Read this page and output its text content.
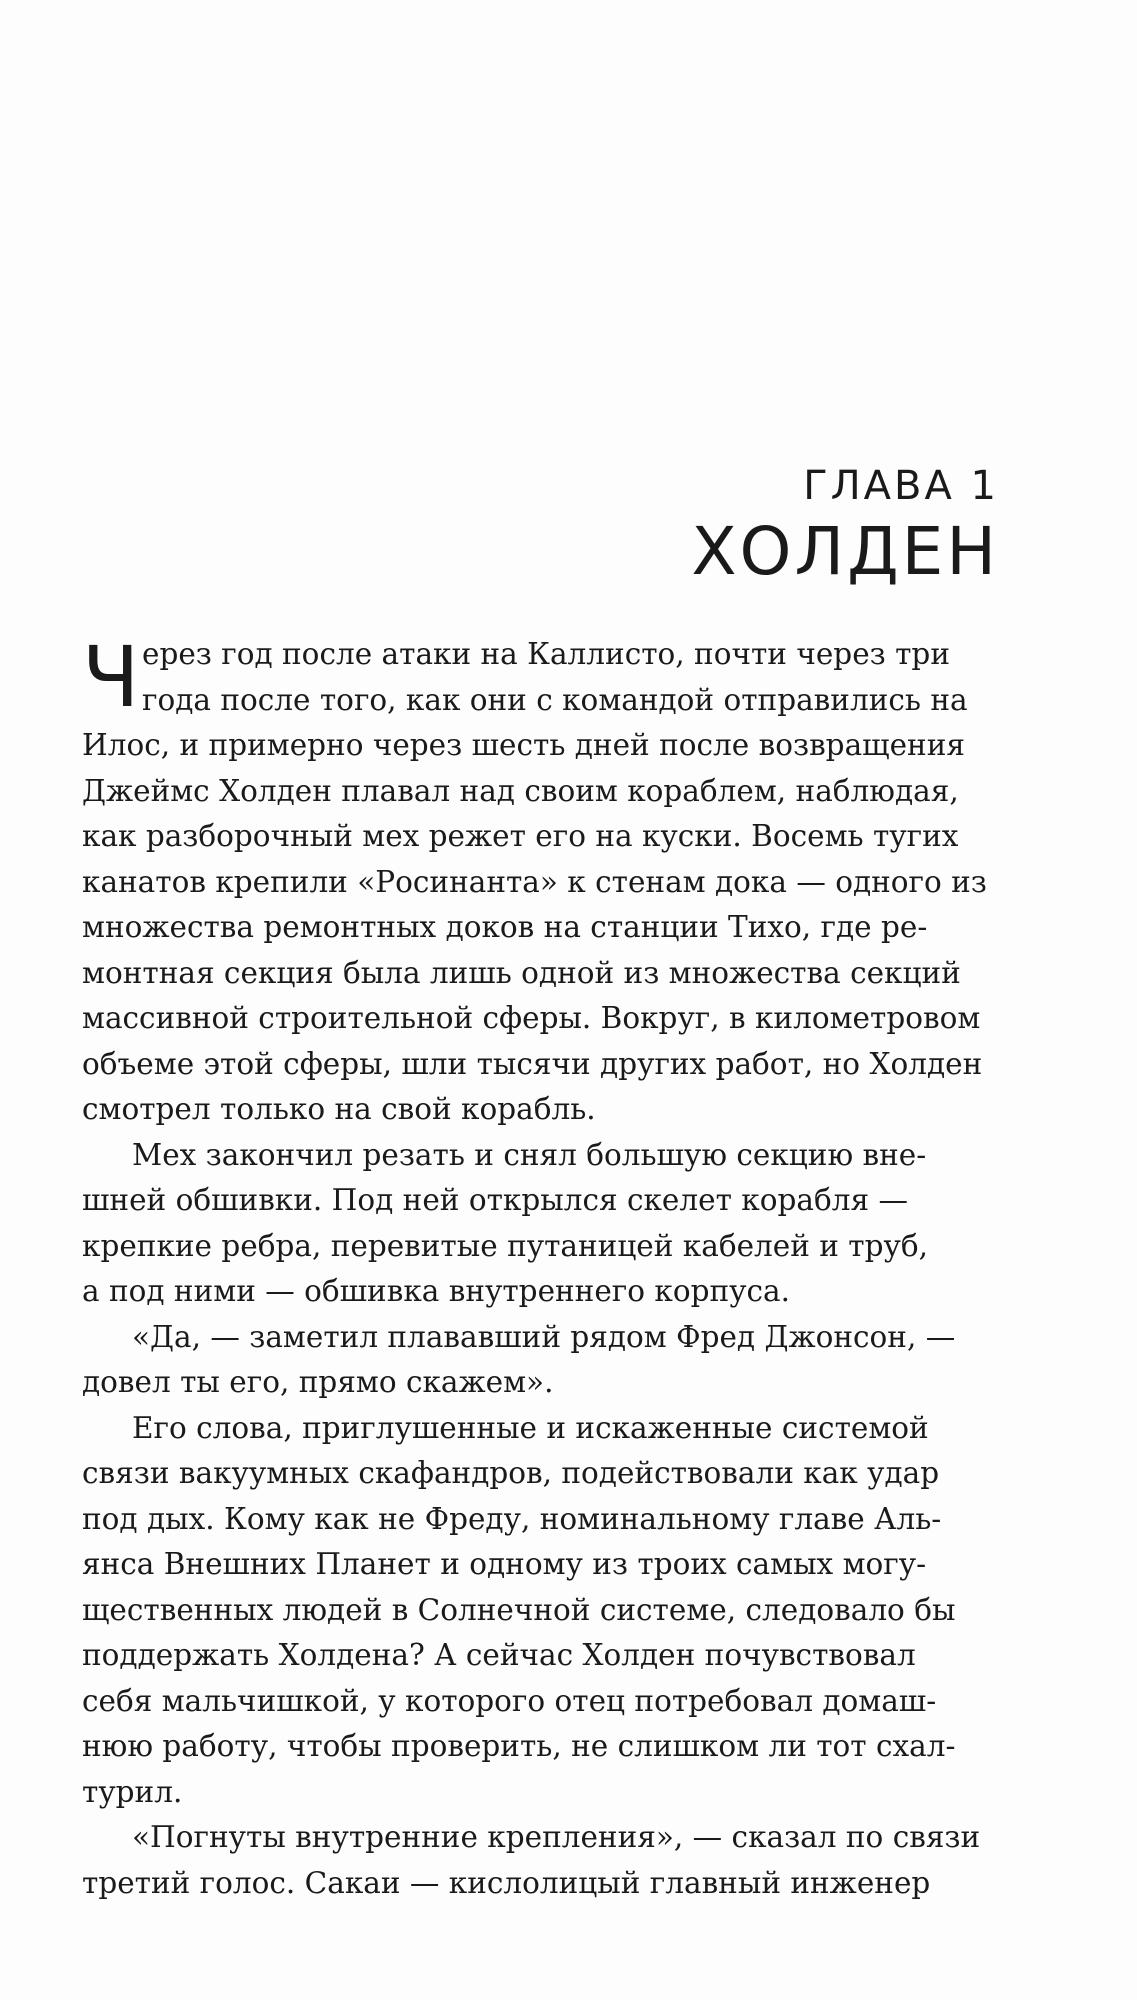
ГЛАВА 1
ХОЛДЕН
Ч ерез год после атаки на Каллисто, почти через три
года после того, как они с командой отправились на
Илос, и примерно через шесть дней после возвращения
Джеймс Холден плавал над своим кораблем, наблюдая,
как разборочный мех режет его на куски. Восемь тугих
канатов крепили «Росинанта» к стенам дока — одного из
множества ремонтных доков на станции Тихо, где ре-
монтная секция была лишь одной из множества секций
массивной строительной сферы. Вокруг, в километровом
объеме этой сферы, шли тысячи других работ, но Холден
смотрел только на свой корабль.
Мех закончил резать и снял большую секцию вне-
шней обшивки. Под ней открылся скелет корабля —
крепкие ребра, перевитые путаницей кабелей и труб,
а под ними — обшивка внутреннего корпуса.
«Да, — заметил плававший рядом Фред Джонсон, —
довел ты его, прямо скажем».
Его слова, приглушенные и искаженные системой
связи вакуумных скафандров, подействовали как удар
под дых. Кому как не Фреду, номинальному главе Аль-
янса Внешних Планет и одному из троих самых могу-
щественных людей в Солнечной системе, следовало бы
поддержать Холдена? А сейчас Холден почувствовал
себя мальчишкой, у которого отец потребовал домаш-
нюю работу, чтобы проверить, не слишком ли тот схал-
турил.
«Погнуты внутренние крепления», — сказал по связи
третий голос. Сакаи — кислолицый главный инженер
